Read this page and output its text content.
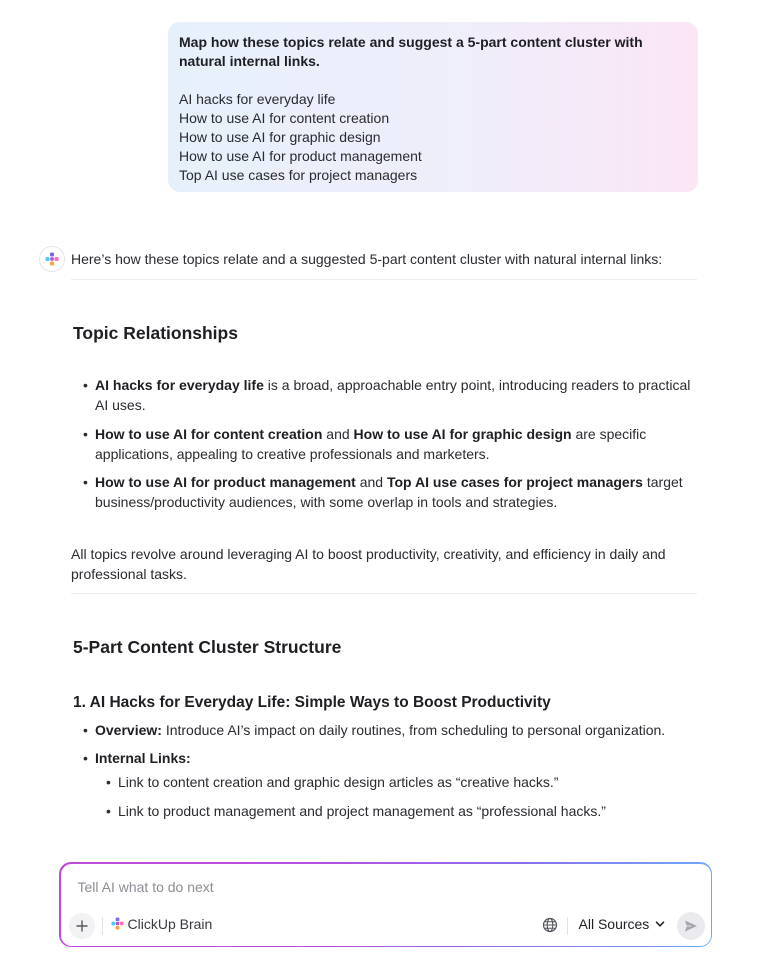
Map how these topics relate and suggest a 5-part content cluster with natural internal links.
AI hacks for everyday life
How to use AI for content creation
How to use AI for graphic design
How to use AI for product management
Top AI use cases for project managers
Here’s how these topics relate and a suggested 5-part content cluster with natural internal links:
Topic Relationships
• AI hacks for everyday life is a broad, approachable entry point, introducing readers to practical AI uses.
• How to use AI for content creation and How to use AI for graphic design are specific applications, appealing to creative professionals and marketers.
• How to use AI for product management and Top AI use cases for project managers target business/productivity audiences, with some overlap in tools and strategies.
All topics revolve around leveraging AI to boost productivity, creativity, and efficiency in daily and professional tasks.
5-Part Content Cluster Structure
1. AI Hacks for Everyday Life: Simple Ways to Boost Productivity
• Overview: Introduce AI’s impact on daily routines, from scheduling to personal organization.
• Internal Links:
• Link to content creation and graphic design articles as “creative hacks.”
• Link to product management and project management as “professional hacks.”
Tell AI what to do next
ClickUp Brain	All Sources
